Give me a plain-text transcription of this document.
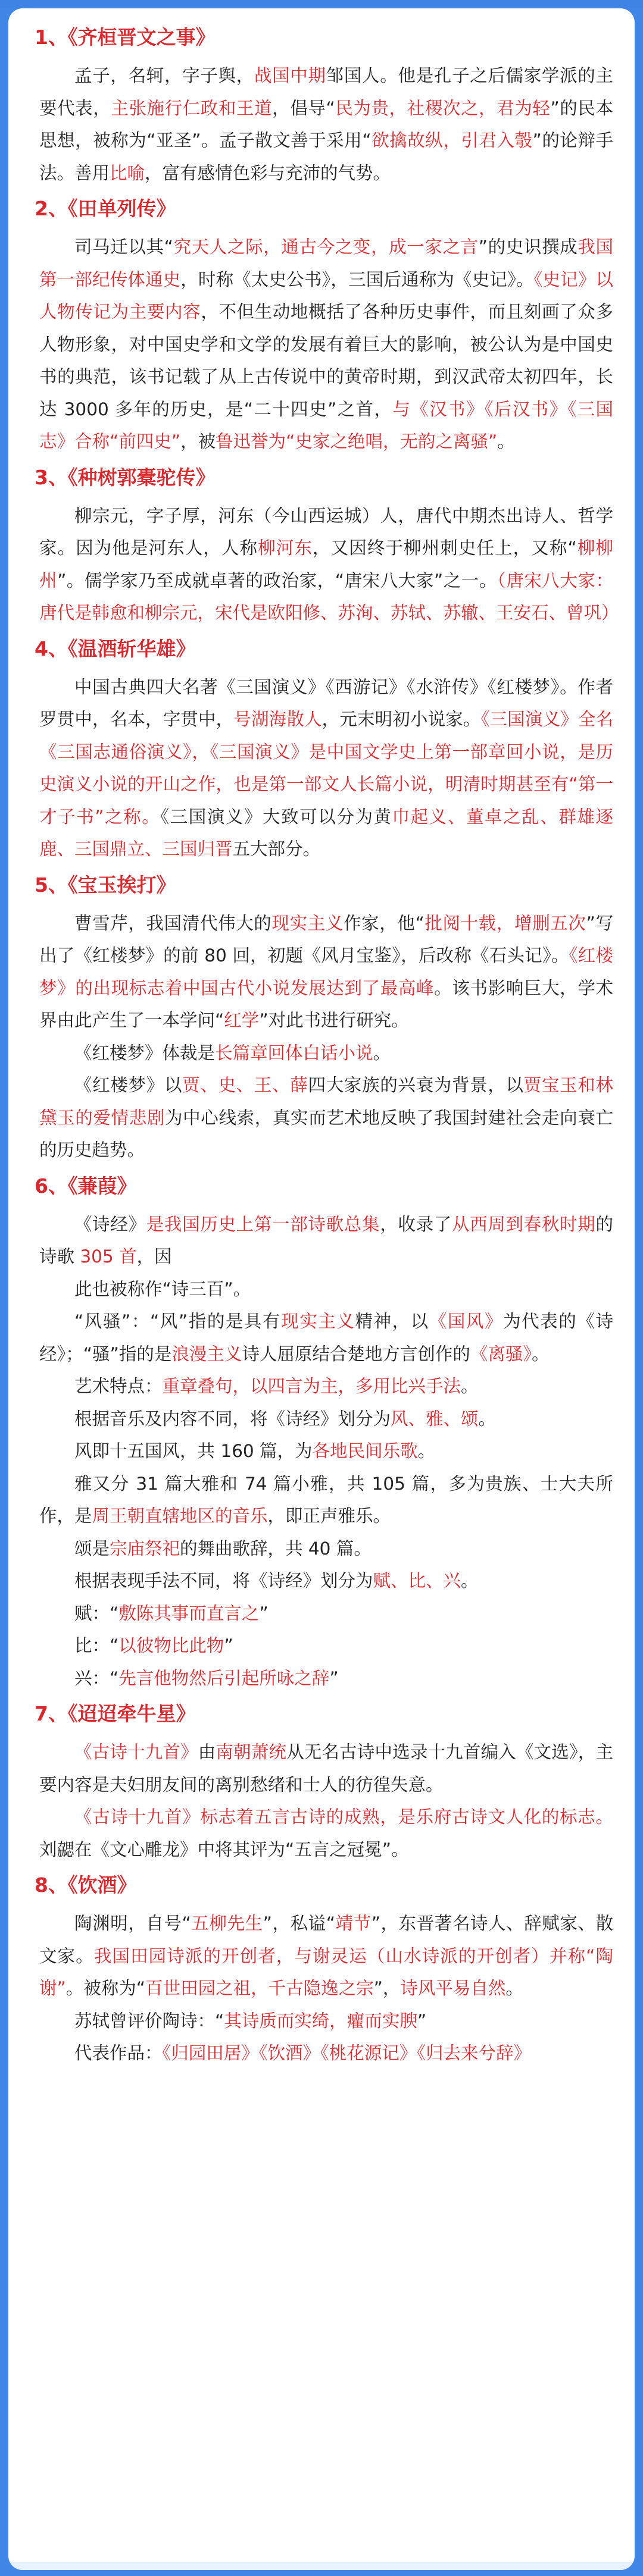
1、《齐桓晋文之事》

孟子，名轲，字子舆，战国中期邹国人。他是孔子之后儒家学派的主要代表，主张施行仁政和王道，倡导“民为贵，社稷次之，君为轻”的民本思想，被称为“亚圣”。孟子散文善于采用“欲擒故纵，引君入彀”的论辩手法。善用比喻，富有感情色彩与充沛的气势。

2、《田单列传》

司马迁以其“究天人之际，通古今之变，成一家之言”的史识撰成我国第一部纪传体通史，时称《太史公书》，三国后通称为《史记》。《史记》以人物传记为主要内容，不但生动地概括了各种历史事件，而且刻画了众多人物形象，对中国史学和文学的发展有着巨大的影响，被公认为是中国史书的典范，该书记载了从上古传说中的黄帝时期，到汉武帝太初四年，长达 3000 多年的历史，是“二十四史”之首，与《汉书》《后汉书》《三国志》合称“前四史”，被鲁迅誉为“史家之绝唱，无韵之离骚”。

3、《种树郭橐驼传》

柳宗元，字子厚，河东（今山西运城）人，唐代中期杰出诗人、哲学家。因为他是河东人，人称柳河东，又因终于柳州刺史任上，又称“柳柳州”。儒学家乃至成就卓著的政治家，“唐宋八大家”之一。（唐宋八大家：唐代是韩愈和柳宗元，宋代是欧阳修、苏洵、苏轼、苏辙、王安石、曾巩）

4、《温酒斩华雄》

中国古典四大名著《三国演义》《西游记》《水浒传》《红楼梦》。作者罗贯中，名本，字贯中，号湖海散人，元末明初小说家。《三国演义》全名《三国志通俗演义》，《三国演义》是中国文学史上第一部章回小说，是历史演义小说的开山之作，也是第一部文人长篇小说，明清时期甚至有“第一才子书”之称。《三国演义》大致可以分为黄巾起义、董卓之乱、群雄逐鹿、三国鼎立、三国归晋五大部分。

5、《宝玉挨打》

曹雪芹，我国清代伟大的现实主义作家，他“批阅十载，增删五次”写出了《红楼梦》的前 80 回，初题《风月宝鉴》，后改称《石头记》。《红楼梦》的出现标志着中国古代小说发展达到了最高峰。该书影响巨大，学术界由此产生了一本学问“红学”对此书进行研究。

《红楼梦》体裁是长篇章回体白话小说。

《红楼梦》以贾、史、王、薛四大家族的兴衰为背景，以贾宝玉和林黛玉的爱情悲剧为中心线索，真实而艺术地反映了我国封建社会走向衰亡的历史趋势。

6、《蒹葭》

《诗经》是我国历史上第一部诗歌总集，收录了从西周到春秋时期的诗歌 305 首，因

此也被称作“诗三百”。

“风骚”：“风”指的是具有现实主义精神，以《国风》为代表的《诗经》；“骚”指的是浪漫主义诗人屈原结合楚地方言创作的《离骚》。

艺术特点：重章叠句，以四言为主，多用比兴手法。

根据音乐及内容不同，将《诗经》划分为风、雅、颂。

风即十五国风，共 160 篇，为各地民间乐歌。

雅又分 31 篇大雅和 74 篇小雅，共 105 篇，多为贵族、士大夫所作，是周王朝直辖地区的音乐，即正声雅乐。

颂是宗庙祭祀的舞曲歌辞，共 40 篇。

根据表现手法不同，将《诗经》划分为赋、比、兴。

赋：“敷陈其事而直言之”

比：“以彼物比此物”

兴：“先言他物然后引起所咏之辞”

7、《迢迢牵牛星》

《古诗十九首》由南朝萧统从无名古诗中选录十九首编入《文选》，主要内容是夫妇朋友间的离别愁绪和士人的彷徨失意。

《古诗十九首》标志着五言古诗的成熟，是乐府古诗文人化的标志。刘勰在《文心雕龙》中将其评为“五言之冠冕”。

8、《饮酒》

陶渊明，自号“五柳先生”，私谥“靖节”，东晋著名诗人、辞赋家、散文家。我国田园诗派的开创者，与谢灵运（山水诗派的开创者）并称“陶谢”。被称为“百世田园之祖，千古隐逸之宗”，诗风平易自然。

苏轼曾评价陶诗：“其诗质而实绮，癯而实腴”

代表作品：《归园田居》《饮酒》《桃花源记》《归去来兮辞》
